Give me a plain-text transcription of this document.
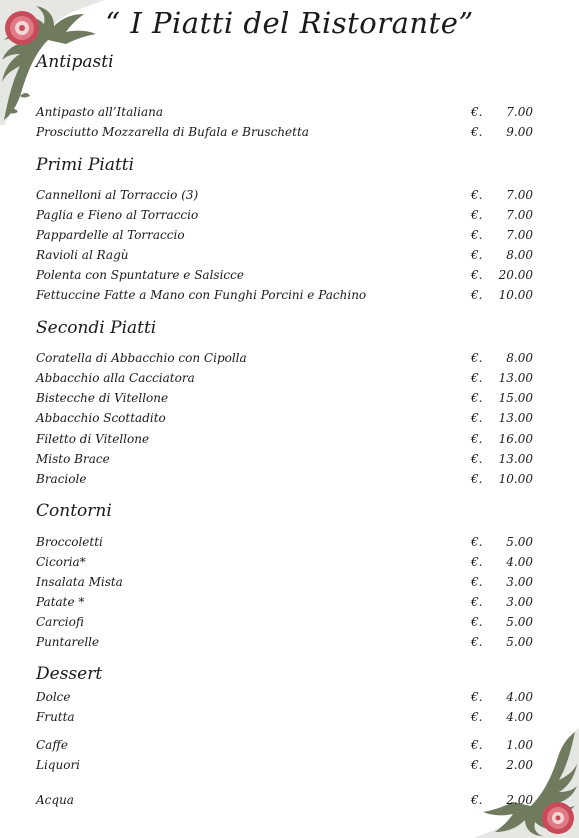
“ I Piatti del Ristorante”
Antipasti
Antipasto all’Italiana	€.	7.00
Prosciutto Mozzarella di Bufala e Bruschetta	€.	9.00
Primi Piatti
Cannelloni al Torraccio (3)	€.	7.00
Paglia e Fieno al Torraccio	€.	7.00
Pappardelle al Torraccio	€.	7.00
Ravioli al Ragù	€.	8.00
Polenta con Spuntature e Salsicce	€.	20.00
Fettuccine Fatte a Mano con Funghi Porcini e Pachino	€.	10.00
Secondi Piatti
Coratella di Abbacchio con Cipolla	€.	8.00
Abbacchio alla Cacciatora	€.	13.00
Bistecche di Vitellone	€.	15.00
Abbacchio Scottadito	€.	13.00
Filetto di Vitellone	€.	16.00
Misto Brace	€.	13.00
Braciole	€.	10.00
Contorni
Broccoletti	€.	5.00
Cicoria*	€.	4.00
Insalata Mista	€.	3.00
Patate *	€.	3.00
Carciofi	€.	5.00
Puntarelle	€.	5.00
Dessert
Dolce	€.	4.00
Frutta	€.	4.00
Caffe	€.	1.00
Liquori	€.	2.00
Acqua	€.	2.00
